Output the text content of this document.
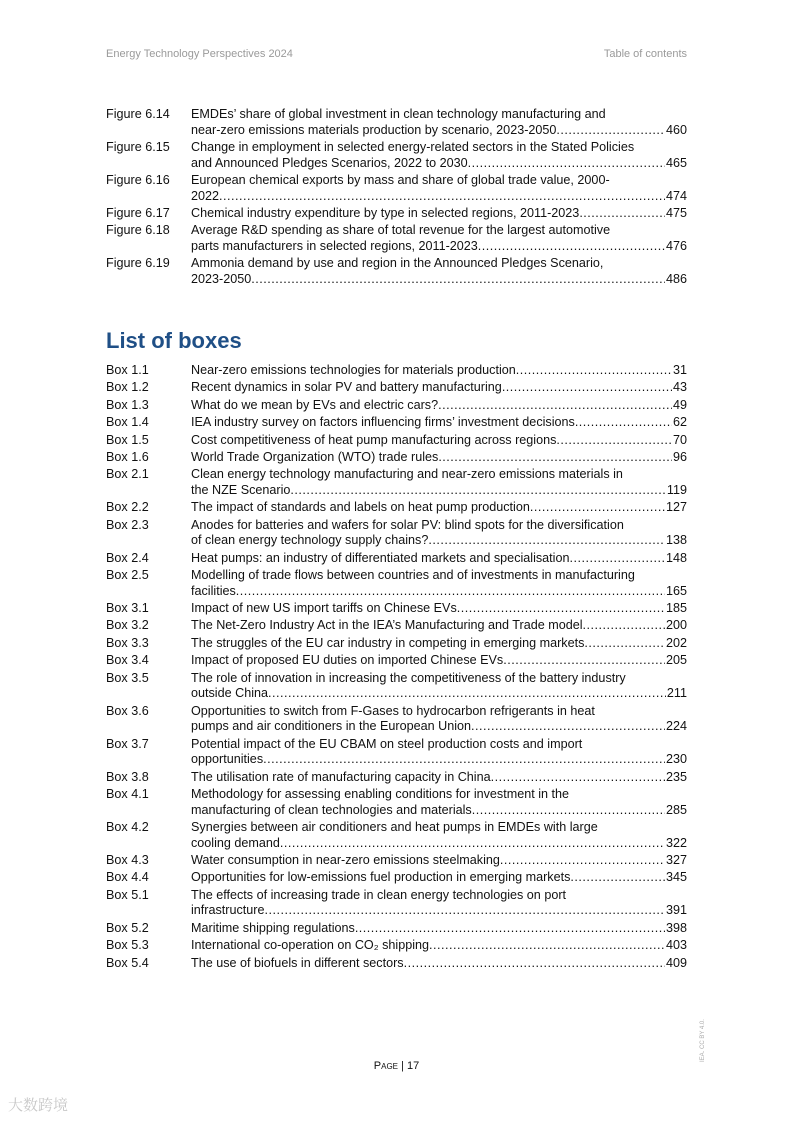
Energy Technology Perspectives 2024	Table of contents
Figure 6.14	EMDEs’ share of global investment in clean technology manufacturing and
near-zero emissions materials production by scenario, 2023-2050 .....	460
Figure 6.15	Change in employment in selected energy-related sectors in the Stated Policies
and Announced Pledges Scenarios, 2022 to 2030 .....	465
Figure 6.16	European chemical exports by mass and share of global trade value, 2000-
2022 .....	474
Figure 6.17	Chemical industry expenditure by type in selected regions, 2011-2023 .....	475
Figure 6.18	Average R&D spending as share of total revenue for the largest automotive
parts manufacturers in selected regions, 2011-2023 .....	476
Figure 6.19	Ammonia demand by use and region in the Announced Pledges Scenario,
2023-2050 .....	486
List of boxes
Box 1.1	Near-zero emissions technologies for materials production .....	31
Box 1.2	Recent dynamics in solar PV and battery manufacturing .....	43
Box 1.3	What do we mean by EVs and electric cars? .....	49
Box 1.4	IEA industry survey on factors influencing firms’ investment decisions .....	62
Box 1.5	Cost competitiveness of heat pump manufacturing across regions .....	70
Box 1.6	World Trade Organization (WTO) trade rules .....	96
Box 2.1	Clean energy technology manufacturing and near-zero emissions materials in
the NZE Scenario .....	119
Box 2.2	The impact of standards and labels on heat pump production .....	127
Box 2.3	Anodes for batteries and wafers for solar PV: blind spots for the diversification
of clean energy technology supply chains? .....	138
Box 2.4	Heat pumps: an industry of differentiated markets and specialisation .....	148
Box 2.5	Modelling of trade flows between countries and of investments in manufacturing
facilities .....	165
Box 3.1	Impact of new US import tariffs on Chinese EVs .....	185
Box 3.2	The Net-Zero Industry Act in the IEA’s Manufacturing and Trade model .....	200
Box 3.3	The struggles of the EU car industry in competing in emerging markets .....	202
Box 3.4	Impact of proposed EU duties on imported Chinese EVs .....	205
Box 3.5	The role of innovation in increasing the competitiveness of the battery industry
outside China .....	211
Box 3.6	Opportunities to switch from F-Gases to hydrocarbon refrigerants in heat
pumps and air conditioners in the European Union .....	224
Box 3.7	Potential impact of the EU CBAM on steel production costs and import
opportunities .....	230
Box 3.8	The utilisation rate of manufacturing capacity in China .....	235
Box 4.1	Methodology for assessing enabling conditions for investment in the
manufacturing of clean technologies and materials .....	285
Box 4.2	Synergies between air conditioners and heat pumps in EMDEs with large
cooling demand .....	322
Box 4.3	Water consumption in near-zero emissions steelmaking .....	327
Box 4.4	Opportunities for low-emissions fuel production in emerging markets .....	345
Box 5.1	The effects of increasing trade in clean energy technologies on port
infrastructure .....	391
Box 5.2	Maritime shipping regulations .....	398
Box 5.3	International co-operation on CO₂ shipping .....	403
Box 5.4	The use of biofuels in different sectors .....	409
Page | 17
IEA. CC BY 4.0.
大数跨境
